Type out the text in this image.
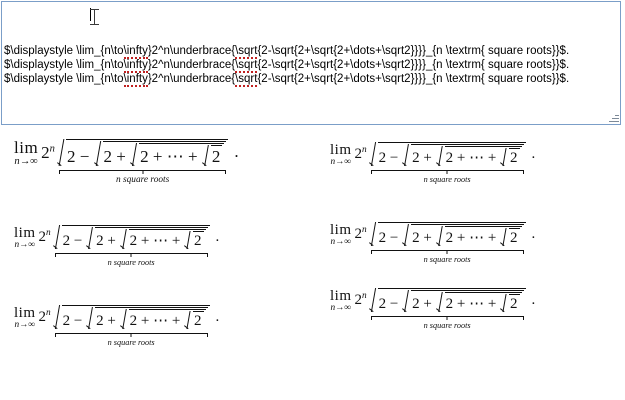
$\displaystyle \lim_{n\to\infty}2^n\underbrace{\sqrt{2-\sqrt{2+\sqrt{2+\dots+\sqrt2}}}}_{n \textrm{ square roots}}$.
$\displaystyle \lim_{n\to\infty}2^n\underbrace{\sqrt{2-\sqrt{2+\sqrt{2+\dots+\sqrt2}}}}_{n \textrm{ square roots}}$.
$\displaystyle \lim_{n\to\infty}2^n\underbrace{\sqrt{2-\sqrt{2+\sqrt{2+\dots+\sqrt2}}}}_{n \textrm{ square roots}}$.
lim
n→∞ 2$^n$ 2 − 2 + 2 + ⋯ + 2
n square roots
.
lim
n→∞ 2$^n$ 2 − 2 + 2 + ⋯ + 2
n square roots
.
lim
n→∞ 2$^n$ 2 − 2 + 2 + ⋯ + 2
n square roots
.
lim
n→∞ 2$^n$ 2 − 2 + 2 + ⋯ + 2
n square roots
.
lim
n→∞ 2$^n$ 2 − 2 + 2 + ⋯ + 2
n square roots
.
lim
n→∞ 2$^n$ 2 − 2 + 2 + ⋯ + 2
n square roots
.
